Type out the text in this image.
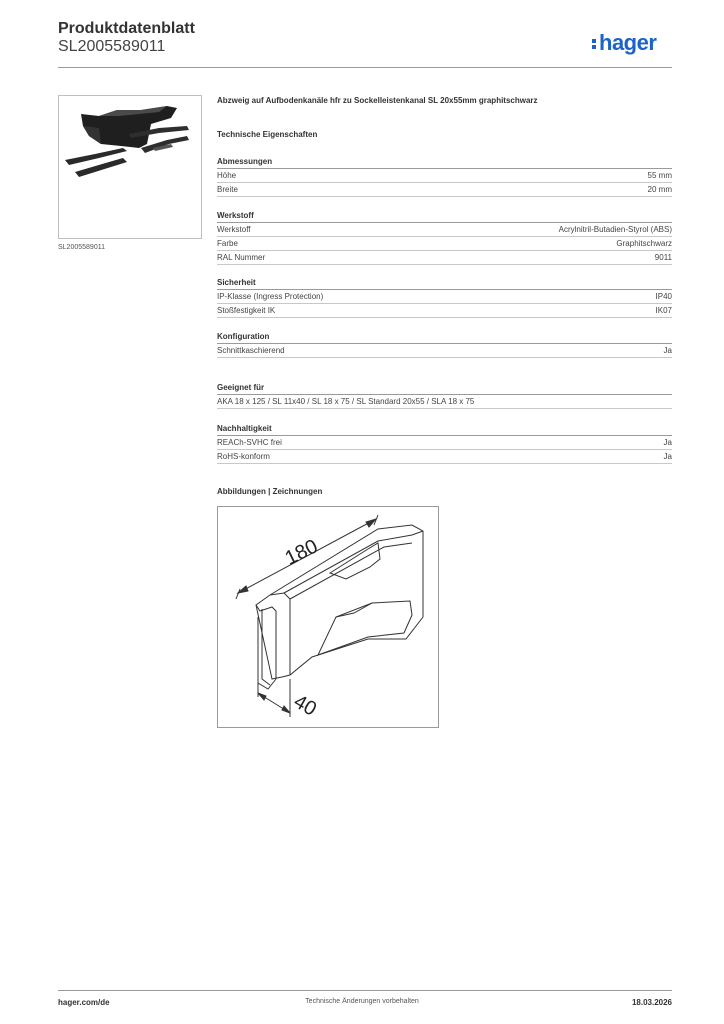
Produktdatenblatt
SL2005589011	hager
SL2005589011
Abzweig auf Aufbodenkanäle hfr zu Sockelleistenkanal SL 20x55mm graphitschwarz
Technische Eigenschaften
Abmessungen
Höhe	55 mm
Breite	20 mm
Werkstoff
Werkstoff	Acrylnitril-Butadien-Styrol (ABS)
Farbe	Graphitschwarz
RAL Nummer	9011
Sicherheit
IP-Klasse (Ingress Protection)	IP40
Stoßfestigkeit IK	IK07
Konfiguration
Schnittkaschierend	Ja
Geeignet für
AKA 18 x 125 / SL 11x40 / SL 18 x 75 / SL Standard 20x55 / SLA 18 x 75
Nachhaltigkeit
REACh-SVHC frei	Ja
RoHS-konform	Ja
Abbildungen | Zeichnungen
180
40
hager.com/de	Technische Änderungen vorbehalten	18.03.2026
